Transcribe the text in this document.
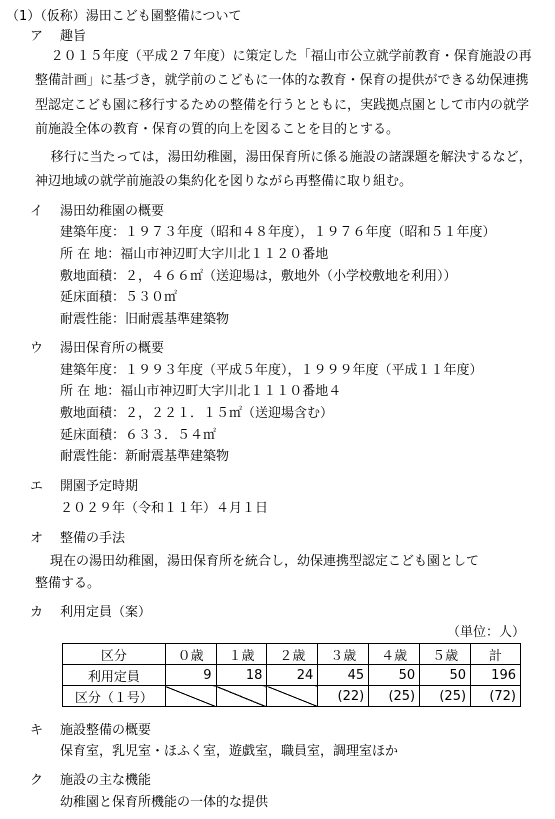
（1）（仮称）湯田こども園整備について
ア 趣旨
２０１５年度（平成２７年度）に策定した「福山市公立就学前教育・保育施設の再整備計画」に基づき，就学前のこどもに一体的な教育・保育の提供ができる幼保連携型認定こども園に移行するための整備を行うとともに，実践拠点園として市内の就学前施設全体の教育・保育の質的向上を図ることを目的とする。
移行に当たっては，湯田幼稚園，湯田保育所に係る施設の諸課題を解決するなど，神辺地域の就学前施設の集約化を図りながら再整備に取り組む。
イ 湯田幼稚園の概要
建築年度：１９７３年度（昭和４８年度），１９７６年度（昭和５１年度）
所 在 地：福山市神辺町大字川北１１２０番地
敷地面積：２，４６６㎡（送迎場は，敷地外（小学校敷地を利用））
延床面積：５３０㎡
耐震性能：旧耐震基準建築物
ウ 湯田保育所の概要
建築年度：１９９３年度（平成５年度），１９９９年度（平成１１年度）
所 在 地：福山市神辺町大字川北１１１０番地４
敷地面積：２，２２１．１５㎡（送迎場含む）
延床面積：６３３．５４㎡
耐震性能：新耐震基準建築物
エ 開園予定時期
２０２９年（令和１１年）４月１日
オ 整備の手法
現在の湯田幼稚園，湯田保育所を統合し，幼保連携型認定こども園として
整備する。
カ 利用定員（案）
（単位：人）
区分	０歳	１歳	２歳	３歳	４歳	５歳	計
利用定員	9	18	24	45	50	50	196
区分（１号）				(22)	(25)	(25)	(72)
キ 施設整備の概要
保育室，乳児室・ほふく室，遊戯室，職員室，調理室ほか
ク 施設の主な機能
幼稚園と保育所機能の一体的な提供
